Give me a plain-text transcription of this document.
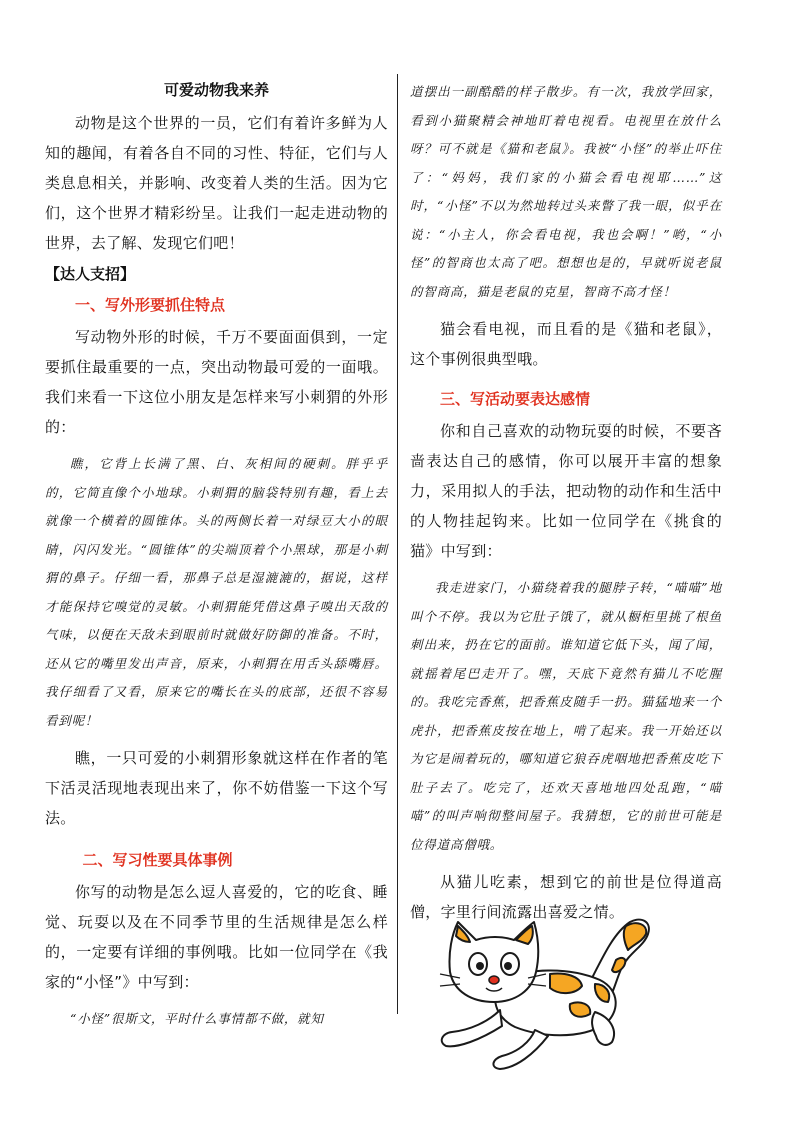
可爱动物我来养

动物是这个世界的一员，它们有着许多鲜为人知的趣闻，有着各自不同的习性、特征，它们与人类息息相关，并影响、改变着人类的生活。因为它们，这个世界才精彩纷呈。让我们一起走进动物的世界，去了解、发现它们吧！

【达人支招】
一、写外形要抓住特点

写动物外形的时候，千万不要面面俱到，一定要抓住最重要的一点，突出动物最可爱的一面哦。我们来看一下这位小朋友是怎样来写小刺猬的外形的：

瞧，它背上长满了黑、白、灰相间的硬刺。胖乎乎的，它简直像个小地球。小刺猬的脑袋特别有趣，看上去就像一个横着的圆锥体。头的两侧长着一对绿豆大小的眼睛，闪闪发光。“圆锥体”的尖端顶着个小黑球，那是小刺猬的鼻子。仔细一看，那鼻子总是湿漉漉的，据说，这样才能保持它嗅觉的灵敏。小刺猬能凭借这鼻子嗅出天敌的气味，以便在天敌未到眼前时就做好防御的准备。不时，还从它的嘴里发出声音，原来，小刺猬在用舌头舔嘴唇。我仔细看了又看，原来它的嘴长在头的底部，还很不容易看到呢！

瞧，一只可爱的小刺猬形象就这样在作者的笔下活灵活现地表现出来了，你不妨借鉴一下这个写法。

二、写习性要具体事例

你写的动物是怎么逗人喜爱的，它的吃食、睡觉、玩耍以及在不同季节里的生活规律是怎么样的，一定要有详细的事例哦。比如一位同学在《我家的“小怪”》中写到：

“小怪”很斯文，平时什么事情都不做，就知

道摆出一副酷酷的样子散步。有一次，我放学回家，看到小猫聚精会神地盯着电视看。电视里在放什么呀？可不就是《猫和老鼠》。我被“小怪”的举止吓住了：“妈妈，我们家的小猫会看电视耶……”这时，“小怪”不以为然地转过头来瞥了我一眼，似乎在说：“小主人，你会看电视，我也会啊！”哟，“小怪”的智商也太高了吧。想想也是的，早就听说老鼠的智商高，猫是老鼠的克星，智商不高才怪！

猫会看电视，而且看的是《猫和老鼠》，这个事例很典型哦。

三、写活动要表达感情

你和自己喜欢的动物玩耍的时候，不要吝啬表达自己的感情，你可以展开丰富的想象力，采用拟人的手法，把动物的动作和生活中的人物挂起钩来。比如一位同学在《挑食的猫》中写到：

我走进家门，小猫绕着我的腿脖子转，“喵喵”地叫个不停。我以为它肚子饿了，就从橱柜里挑了根鱼刺出来，扔在它的面前。谁知道它低下头，闻了闻，就摇着尾巴走开了。嘿，天底下竟然有猫儿不吃腥的。我吃完香蕉，把香蕉皮随手一扔。猫猛地来一个虎扑，把香蕉皮按在地上，啃了起来。我一开始还以为它是闹着玩的，哪知道它狼吞虎咽地把香蕉皮吃下肚子去了。吃完了，还欢天喜地地四处乱跑，“喵喵”的叫声响彻整间屋子。我猜想，它的前世可能是位得道高僧哦。

从猫儿吃素，想到它的前世是位得道高僧，字里行间流露出喜爱之情。
